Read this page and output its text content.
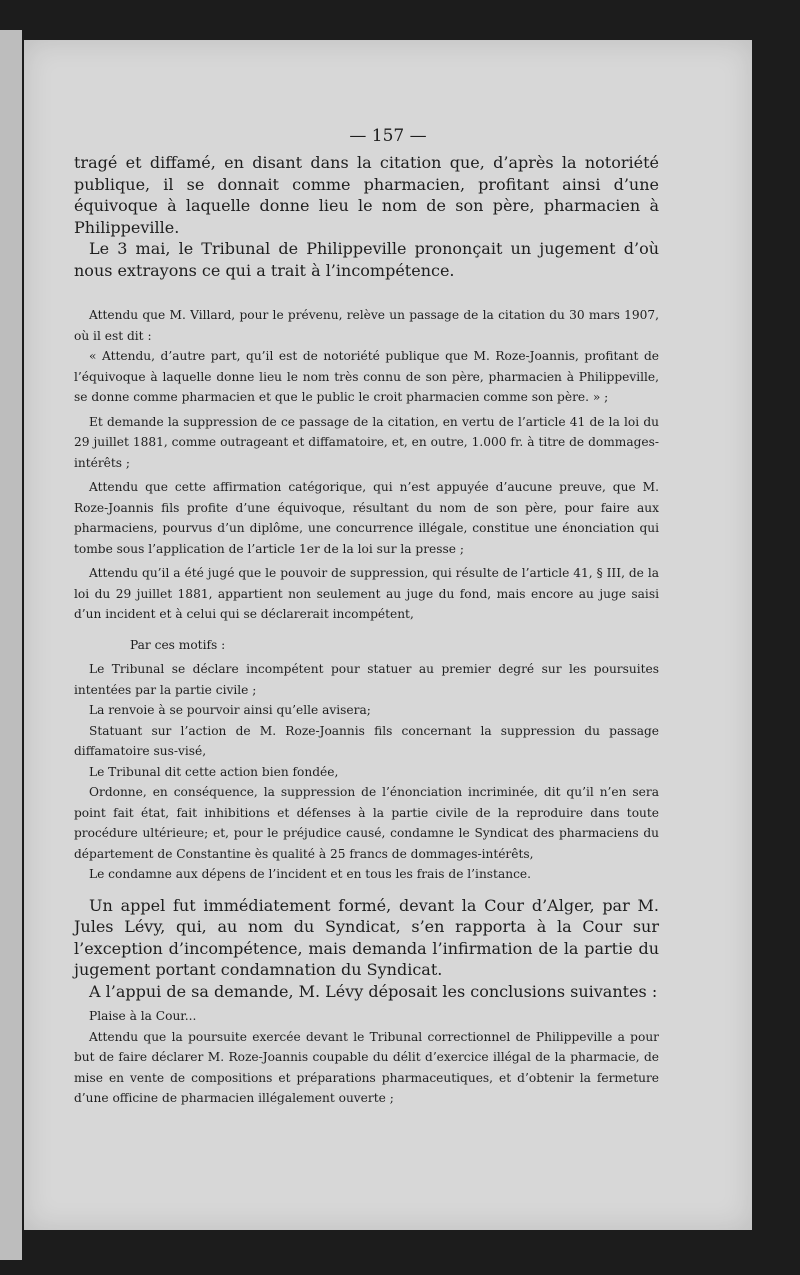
— 157 —

tragé et diffamé, en disant dans la citation que, d’après la notoriété publique, il se donnait comme pharmacien, profitant ainsi d’une équivoque à laquelle donne lieu le nom de son père, pharmacien à Philippeville.

Le 3 mai, le Tribunal de Philippeville prononçait un jugement d’où nous extrayons ce qui a trait à l’incompétence.

Attendu que M. Villard, pour le prévenu, relève un passage de la citation du 30 mars 1907, où il est dit :

« Attendu, d’autre part, qu’il est de notoriété publique que M. Roze-Joannis, profitant de l’équivoque à laquelle donne lieu le nom très connu de son père, pharmacien à Philippeville, se donne comme pharmacien et que le public le croit pharmacien comme son père. » ;

Et demande la suppression de ce passage de la citation, en vertu de l’article 41 de la loi du 29 juillet 1881, comme outrageant et diffamatoire, et, en outre, 1.000 fr. à titre de dommages-intérêts ;

Attendu que cette affirmation catégorique, qui n’est appuyée d’aucune preuve, que M. Roze-Joannis fils profite d’une équivoque, résultant du nom de son père, pour faire aux pharmaciens, pourvus d’un diplôme, une concurrence illégale, constitue une énonciation qui tombe sous l’application de l’article 1er de la loi sur la presse ;

Attendu qu’il a été jugé que le pouvoir de suppression, qui résulte de l’article 41, § III, de la loi du 29 juillet 1881, appartient non seulement au juge du fond, mais encore au juge saisi d’un incident et à celui qui se déclarerait incompétent,

Par ces motifs :

Le Tribunal se déclare incompétent pour statuer au premier degré sur les poursuites intentées par la partie civile ;

La renvoie à se pourvoir ainsi qu’elle avisera;

Statuant sur l’action de M. Roze-Joannis fils concernant la suppression du passage diffamatoire sus-visé,

Le Tribunal dit cette action bien fondée,

Ordonne, en conséquence, la suppression de l’énonciation incriminée, dit qu’il n’en sera point fait état, fait inhibitions et défenses à la partie civile de la reproduire dans toute procédure ultérieure; et, pour le préjudice causé, condamne le Syndicat des pharmaciens du département de Constantine ès qualité à 25 francs de dommages-intérêts,

Le condamne aux dépens de l’incident et en tous les frais de l’instance.

Un appel fut immédiatement formé, devant la Cour d’Alger, par M. Jules Lévy, qui, au nom du Syndicat, s’en rapporta à la Cour sur l’exception d’incompétence, mais demanda l’infirmation de la partie du jugement portant condamnation du Syndicat.

A l’appui de sa demande, M. Lévy déposait les conclusions suivantes :

Plaise à la Cour...

Attendu que la poursuite exercée devant le Tribunal correctionnel de Philippeville a pour but de faire déclarer M. Roze-Joannis coupable du délit d’exercice illégal de la pharmacie, de mise en vente de compositions et préparations pharmaceutiques, et d’obtenir la fermeture d’une officine de pharmacien illégalement ouverte ;
